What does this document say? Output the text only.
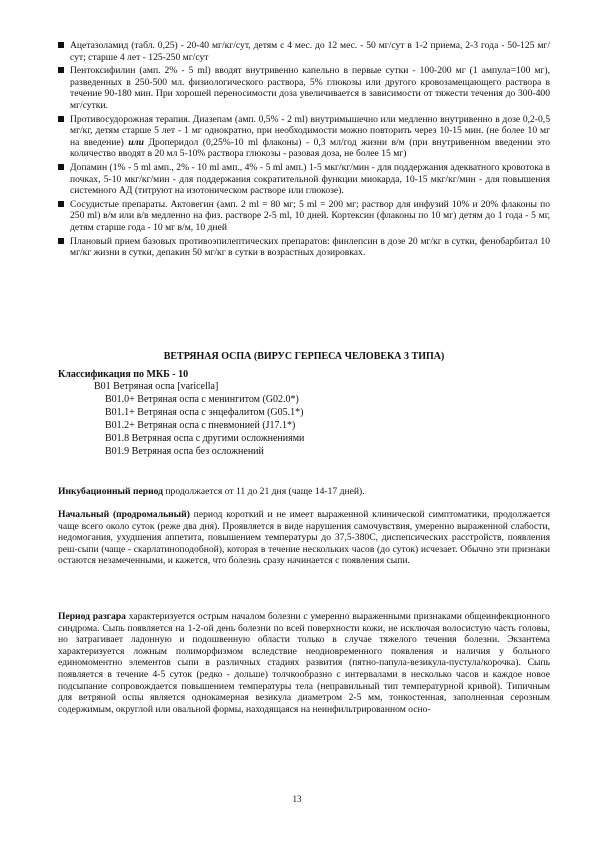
Ацетазоламид (табл. 0,25) - 20-40 мг/кг/сут, детям с 4 мес. до 12 мес. - 50 мг/сут в 1-2 приема, 2-3 года - 50-125 мг/сут; старше 4 лет - 125-250 мг/сут

Пентоксифилин (амп. 2% - 5 ml) вводят внутривенно капельно в первые сутки - 100-200 мг (1 ампула=100 мг), разведенных в 250-500 мл. физиологического раствора, 5% глюкозы или другого кровозамещающего раствора в течение 90-180 мин. При хорошей переносимости доза увеличивается в зависимости от тяжести течения до 300-400 мг/сутки.

Противосудорожная терапия. Диазепам (амп. 0,5% - 2 ml) внутримышечно или медленно внутривенно в дозе 0,2-0,5 мг/кг, детям старше 5 лет - 1 мг однократно, при необходимости можно повторить через 10-15 мин. (не более 10 мг на введение) или Дроперидол (0,25%-10 ml флаконы) - 0,3 мл/год жизни в/м (при внутривенном введении это количество вводят в 20 мл 5-10% раствора глюкозы - разовая доза, не более 15 мг)

Допамин (1% - 5 ml амп., 2% - 10 ml амп., 4% - 5 ml амп.) 1-5 мкг/кг/мин - для поддержания адекватного кровотока в почках, 5-10 мкг/кг/мин - для поддержания сократительной функции миокарда, 10-15 мкг/кг/мин - для повышения системного АД (титруют на изотоническом растворе или глюкозе).

Сосудистые препараты. Актовегин (амп. 2 ml = 80 мг; 5 ml = 200 мг; раствор для инфузий 10% и 20% флаконы по 250 ml) в/м или в/в медленно на физ. растворе 2-5 ml, 10 дней. Кортексин (флаконы по 10 мг) детям до 1 года - 5 мг, детям старше года - 10 мг в/м, 10 дней

Плановый прием базовых противоэпилептических препаратов: финлепсин в дозе 20 мг/кг в сутки, фенобарбитал 10 мг/кг жизни в сутки, депакин 50 мг/кг в сутки в возрастных дозировках.

ВЕТРЯНАЯ ОСПА (ВИРУС ГЕРПЕСА ЧЕЛОВЕКА 3 ТИПА)
Классификация по МКБ - 10
B01 Ветряная оспа [varicella]
B01.0+ Ветряная оспа с менингитом (G02.0*)
B01.1+ Ветряная оспа с энцефалитом (G05.1*)
B01.2+ Ветряная оспа с пневмонией (J17.1*)
B01.8 Ветряная оспа с другими осложнениями
B01.9 Ветряная оспа без осложнений

Инкубационный период продолжается от 11 до 21 дня (чаще 14-17 дней).

Начальный (продромальный) период короткий и не имеет выраженной клинической симптоматики, продолжается чаще всего около суток (реже два дня). Проявляется в виде нарушения самочувствия, умеренно выраженной слабости, недомогания, ухудшения аппетита, повышением температуры до 37,5-380С, диспепсических расстройств, появления реш-сыпи (чаще - скарлатиноподобной), которая в течение нескольких часов (до суток) исчезает. Обычно эти признаки остаются незамеченными, и кажется, что болезнь сразу начинается с появления сыпи.

Период разгара характеризуется острым началом болезни с умеренно выраженными признаками общеинфекционного синдрома. Сыпь появляется на 1-2-ой день болезни по всей поверхности кожи, не исключая волосистую часть головы, но затрагивает ладонную и подошвенную области только в случае тяжелого течения болезни. Экзантема характеризуется ложным полиморфизмом вследствие неодновременного появления и наличия у больного единомоментно элементов сыпи в различных стадиях развития (пятно-папула-везикула-пустула/корочка). Сыпь появляется в течение 4-5 суток (редко - дольше) толчкообразно с интервалами в несколько часов и каждое новое подсыпание сопровождается повышением температуры тела (неправильный тип температурной кривой). Типичным для ветряной оспы является однокамерная везикула диаметром 2-5 мм, тонкостенная, заполненная серозным содержимым, округлой или овальной формы, находящаяся на неинфильтрированном осно-

13
